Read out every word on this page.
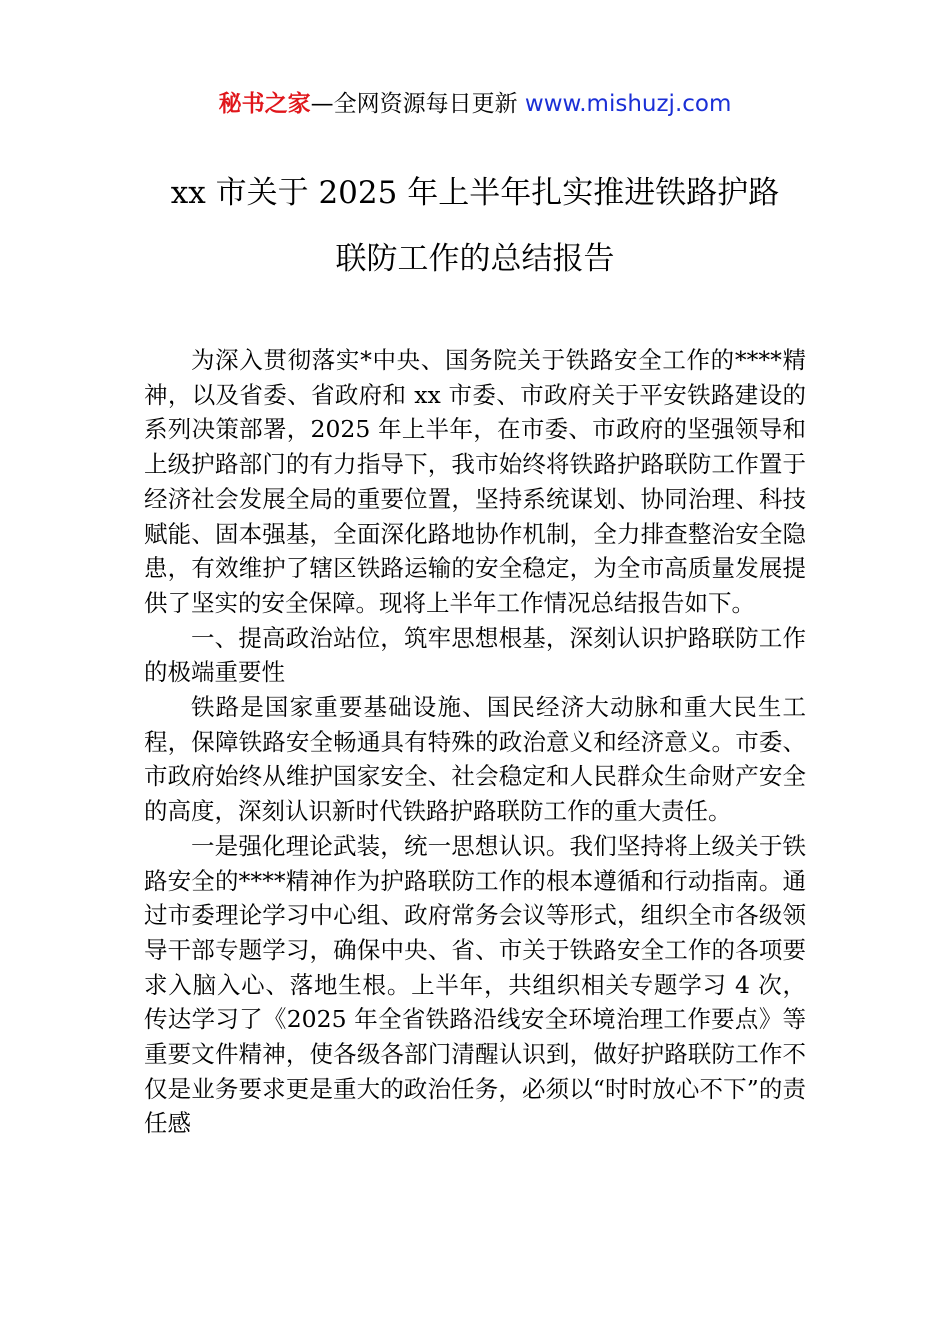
秘书之家—全网资源每日更新 www.mishuzj.com
xx 市关于 2025 年上半年扎实推进铁路护路
联防工作的总结报告

为深入贯彻落实*中央、国务院关于铁路安全工作的****精神，以及省委、省政府和 xx 市委、市政府关于平安铁路建设的系列决策部署，2025 年上半年，在市委、市政府的坚强领导和上级护路部门的有力指导下，我市始终将铁路护路联防工作置于经济社会发展全局的重要位置，坚持系统谋划、协同治理、科技赋能、固本强基，全面深化路地协作机制，全力排查整治安全隐患，有效维护了辖区铁路运输的安全稳定，为全市高质量发展提供了坚实的安全保障。现将上半年工作情况总结报告如下。

一、提高政治站位，筑牢思想根基，深刻认识护路联防工作的极端重要性

铁路是国家重要基础设施、国民经济大动脉和重大民生工程，保障铁路安全畅通具有特殊的政治意义和经济意义。市委、市政府始终从维护国家安全、社会稳定和人民群众生命财产安全的高度，深刻认识新时代铁路护路联防工作的重大责任。

一是强化理论武装，统一思想认识。我们坚持将上级关于铁路安全的****精神作为护路联防工作的根本遵循和行动指南。通过市委理论学习中心组、政府常务会议等形式，组织全市各级领导干部专题学习，确保中央、省、市关于铁路安全工作的各项要求入脑入心、落地生根。上半年，共组织相关专题学习 4 次，传达学习了《2025 年全省铁路沿线安全环境治理工作要点》等重要文件精神，使各级各部门清醒认识到，做好护路联防工作不仅是业务要求更是重大的政治任务，必须以“时时放心不下”的责任感
